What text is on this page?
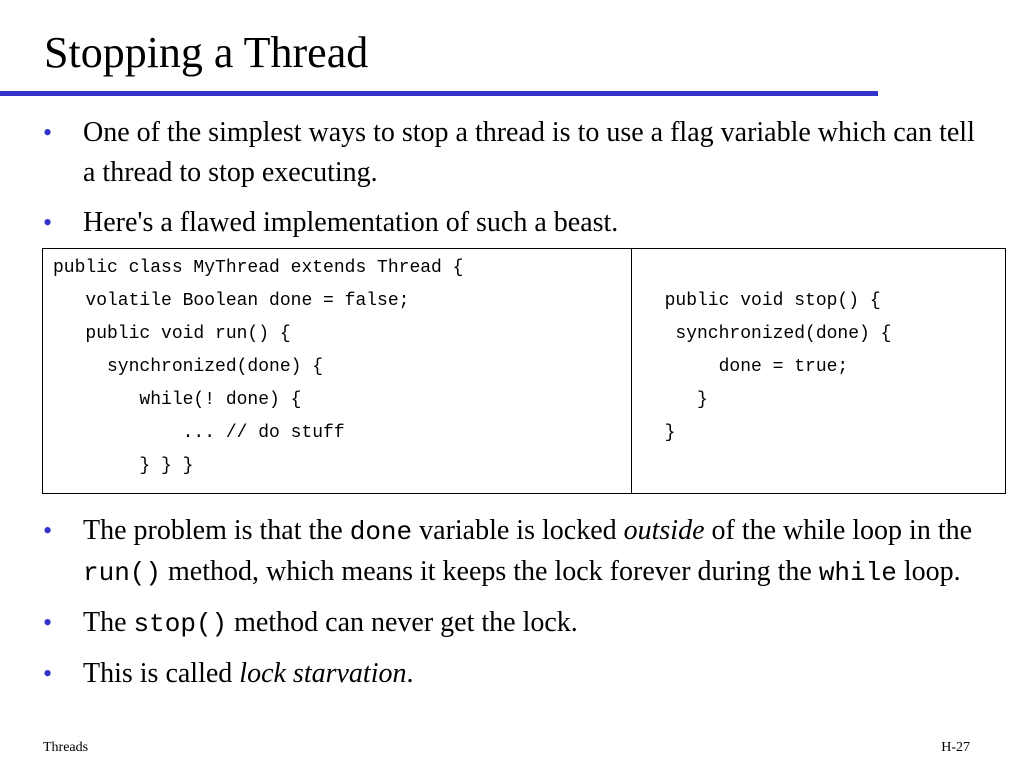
Stopping a Thread
• One of the simplest ways to stop a thread is to use a flag variable which can tell a thread to stop executing.
• Here's a flawed implementation of such a beast.
public class MyThread extends Thread {
volatile Boolean done = false;
public void run() {
synchronized(done) {
while(! done) {
... // do stuff
} } }
public void stop() {
synchronized(done) {
done = true;
}
}
• The problem is that the done variable is locked outside of the while loop in the run() method, which means it keeps the lock forever during the while loop.
• The stop() method can never get the lock.
• This is called lock starvation.
Threads	H-27
